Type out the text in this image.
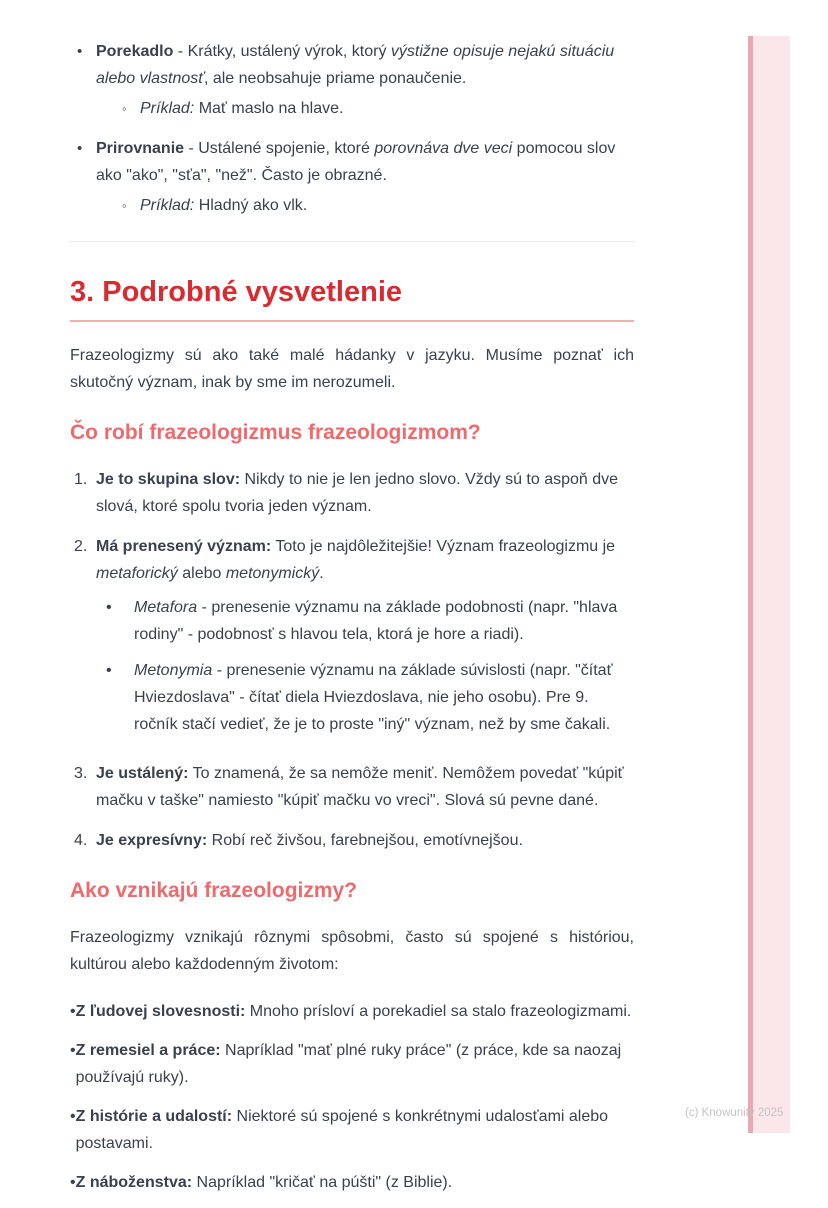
(c) Knowunity 2025
•
Porekadlo - Krátky, ustálený výrok, ktorý výstižne opisuje nejakú situáciu alebo vlastnosť, ale neobsahuje priame ponaučenie.
◦
Príklad: Mať maslo na hlave.
•
Prirovnanie - Ustálené spojenie, ktoré porovnáva dve veci pomocou slov ako "ako", "sťa", "než". Často je obrazné.
◦
Príklad: Hladný ako vlk.
3. Podrobné vysvetlenie

Frazeologizmy sú ako také malé hádanky v jazyku. Musíme poznať ich skutočný význam, inak by sme im nerozumeli.

Čo robí frazeologizmus frazeologizmom?
1. Je to skupina slov: Nikdy to nie je len jedno slovo. Vždy sú to aspoň dve slová, ktoré spolu tvoria jeden význam.
2. Má prenesený význam: Toto je najdôležitejšie! Význam frazeologizmu je metaforický alebo metonymický.
•
Metafora - prenesenie významu na základe podobnosti (napr. "hlava rodiny" - podobnosť s hlavou tela, ktorá je hore a riadi).
•
Metonymia - prenesenie významu na základe súvislosti (napr. "čítať Hviezdoslava" - čítať diela Hviezdoslava, nie jeho osobu). Pre 9. ročník stačí vedieť, že je to proste "iný" význam, než by sme čakali.
3. Je ustálený: To znamená, že sa nemôže meniť. Nemôžem povedať "kúpiť mačku v taške" namiesto "kúpiť mačku vo vreci". Slová sú pevne dané.
4. Je expresívny: Robí reč živšou, farebnejšou, emotívnejšou.
Ako vznikajú frazeologizmy?

Frazeologizmy vznikajú rôznymi spôsobmi, často sú spojené s históriou, kultúrou alebo každodenným životom:

•
Z ľudovej slovesnosti: Mnoho prísloví a porekadiel sa stalo frazeologizmami.
•
Z remesiel a práce: Napríklad "mať plné ruky práce" (z práce, kde sa naozaj používajú ruky).
•
Z histórie a udalostí: Niektoré sú spojené s konkrétnymi udalosťami alebo postavami.
•
Z náboženstva: Napríklad "kričať na púšti" (z Biblie).
